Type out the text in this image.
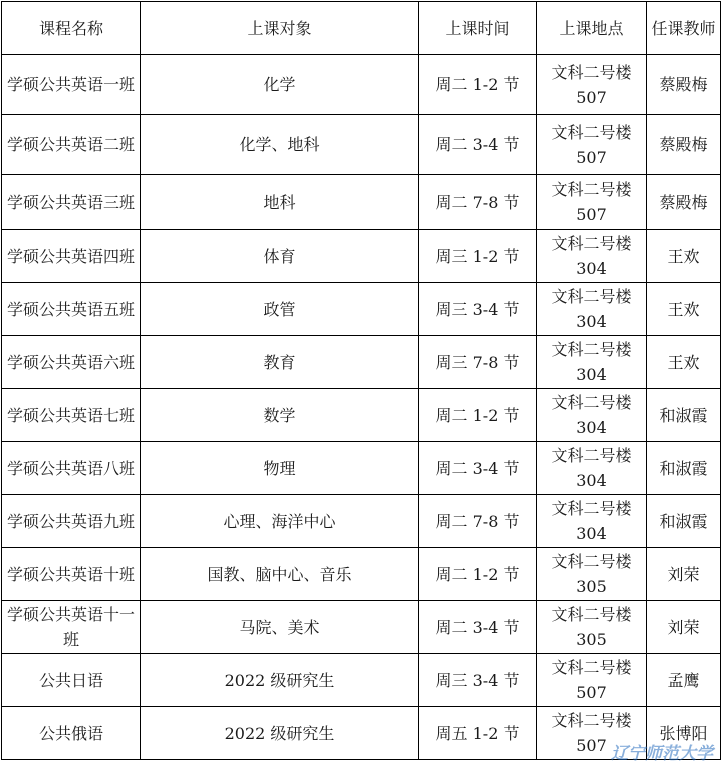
课程名称	上课对象	上课时间	上课地点	任课教师
学硕公共英语一班	化学	周二 1-2 节	文科二号楼 507	蔡殿梅
学硕公共英语二班	化学、地科	周二 3-4 节	文科二号楼 507	蔡殿梅
学硕公共英语三班	地科	周二 7-8 节	文科二号楼 507	蔡殿梅
学硕公共英语四班	体育	周三 1-2 节	文科二号楼 304	王欢
学硕公共英语五班	政管	周三 3-4 节	文科二号楼 304	王欢
学硕公共英语六班	教育	周三 7-8 节	文科二号楼 304	王欢
学硕公共英语七班	数学	周二 1-2 节	文科二号楼 304	和淑霞
学硕公共英语八班	物理	周二 3-4 节	文科二号楼 304	和淑霞
学硕公共英语九班	心理、海洋中心	周二 7-8 节	文科二号楼 304	和淑霞
学硕公共英语十班	国教、脑中心、音乐	周二 1-2 节	文科二号楼 305	刘荣
学硕公共英语十一班	马院、美术	周二 3-4 节	文科二号楼 305	刘荣
公共日语	2022 级研究生	周三 3-4 节	文科二号楼 507	孟鹰
公共俄语	2022 级研究生	周五 1-2 节	文科二号楼 507	张博阳
辽宁师范大学
